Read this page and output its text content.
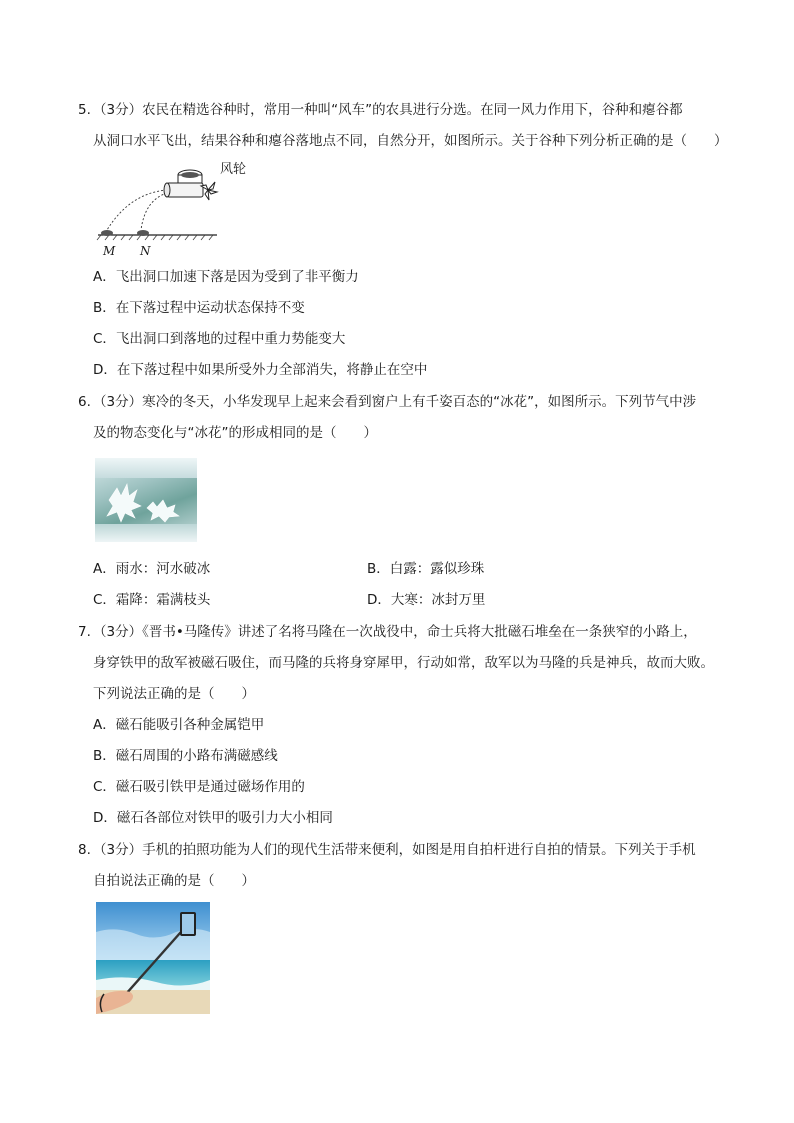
5. （3分）农民在精选谷种时，常用一种叫“风车”的农具进行分选。在同一风力作用下，谷种和瘪谷都
从洞口水平飞出，结果谷种和瘪谷落地点不同，自然分开，如图所示。关于谷种下列分析正确的是（　　）
风轮
M N
A．飞出洞口加速下落是因为受到了非平衡力
B．在下落过程中运动状态保持不变
C．飞出洞口到落地的过程中重力势能变大
D．在下落过程中如果所受外力全部消失，将静止在空中
6. （3分）寒冷的冬天，小华发现早上起来会看到窗户上有千姿百态的“冰花”，如图所示。下列节气中涉
及的物态变化与“冰花”的形成相同的是（　　）
A．雨水：河水破冰	B．白露：露似珍珠
C．霜降：霜满枝头	D．大寒：冰封万里
7. （3分）《晋书•马隆传》讲述了名将马隆在一次战役中，命士兵将大批磁石堆垒在一条狭窄的小路上，
身穿铁甲的敌军被磁石吸住，而马隆的兵将身穿犀甲，行动如常，敌军以为马隆的兵是神兵，故而大败。
下列说法正确的是（　　）
A．磁石能吸引各种金属铠甲
B．磁石周围的小路布满磁感线
C．磁石吸引铁甲是通过磁场作用的
D．磁石各部位对铁甲的吸引力大小相同
8. （3分）手机的拍照功能为人们的现代生活带来便利，如图是用自拍杆进行自拍的情景。下列关于手机
自拍说法正确的是（　　）
